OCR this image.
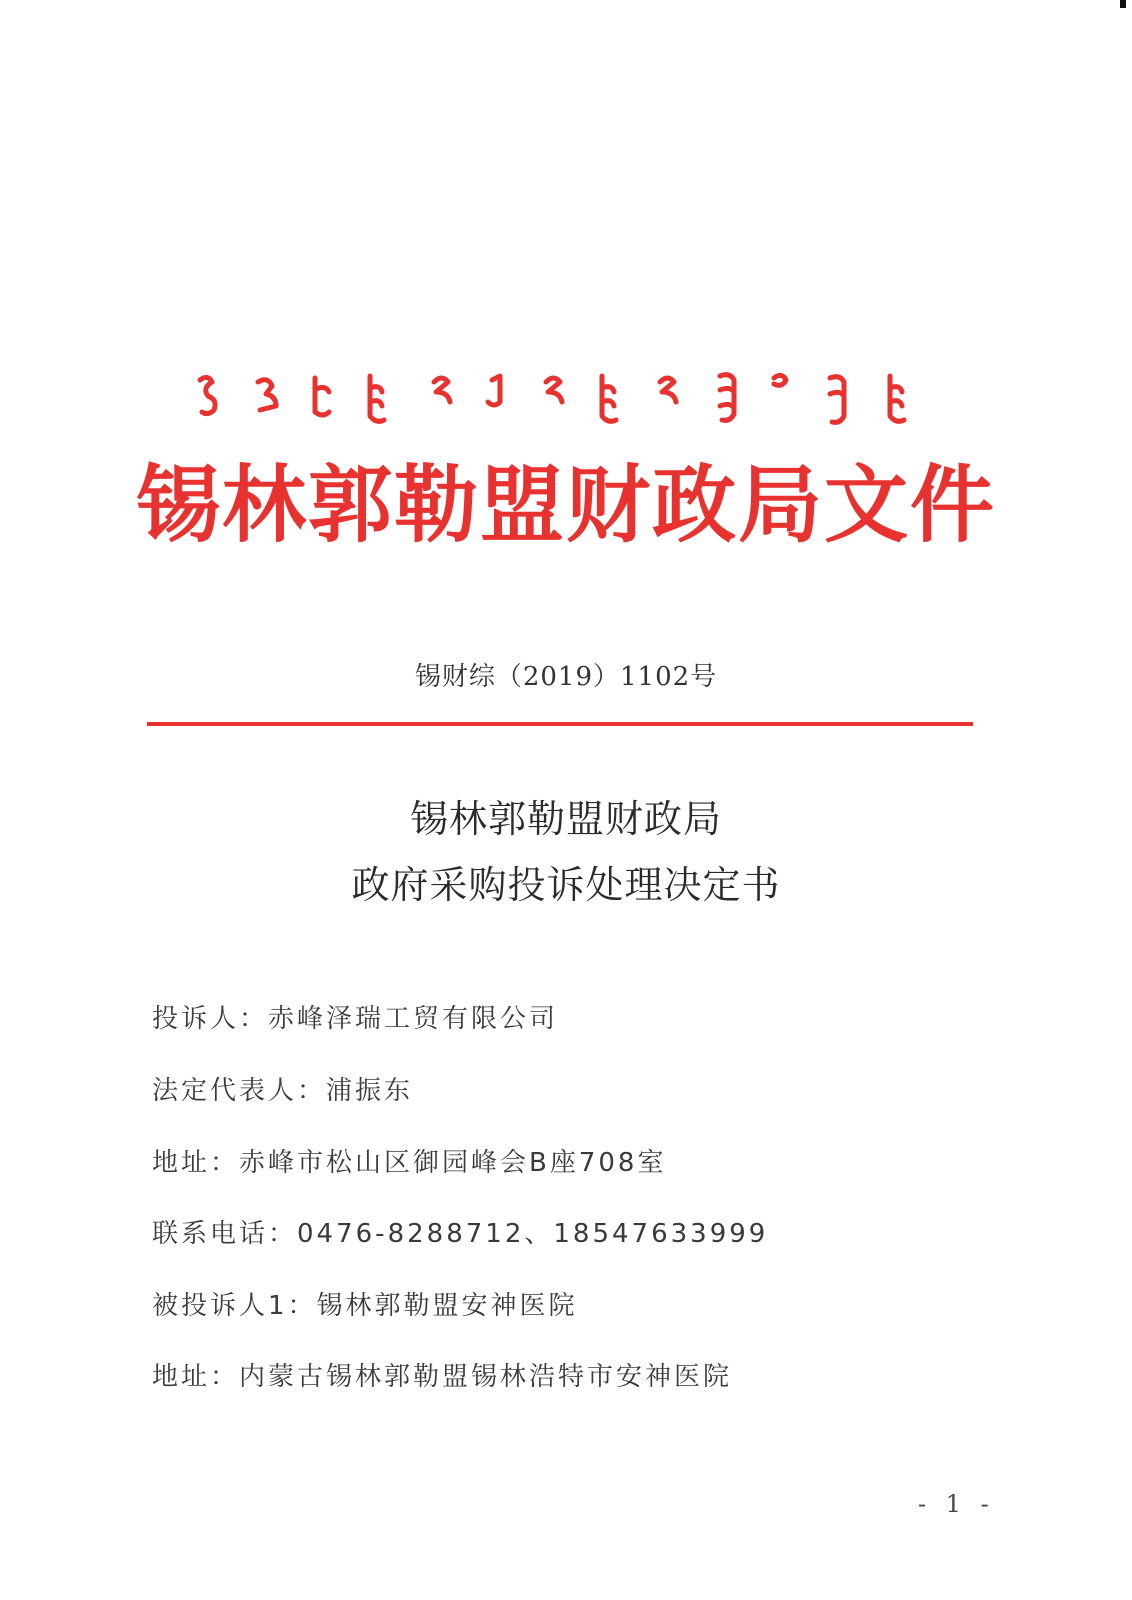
锡林郭勒盟财政局文件
锡财综（2019）1102号
锡林郭勒盟财政局
政府采购投诉处理决定书
投诉人：赤峰泽瑞工贸有限公司
法定代表人：浦振东
地址：赤峰市松山区御园峰会B座708室
联系电话：0476-8288712、18547633999
被投诉人1：锡林郭勒盟安神医院
地址：内蒙古锡林郭勒盟锡林浩特市安神医院
- 1 -
